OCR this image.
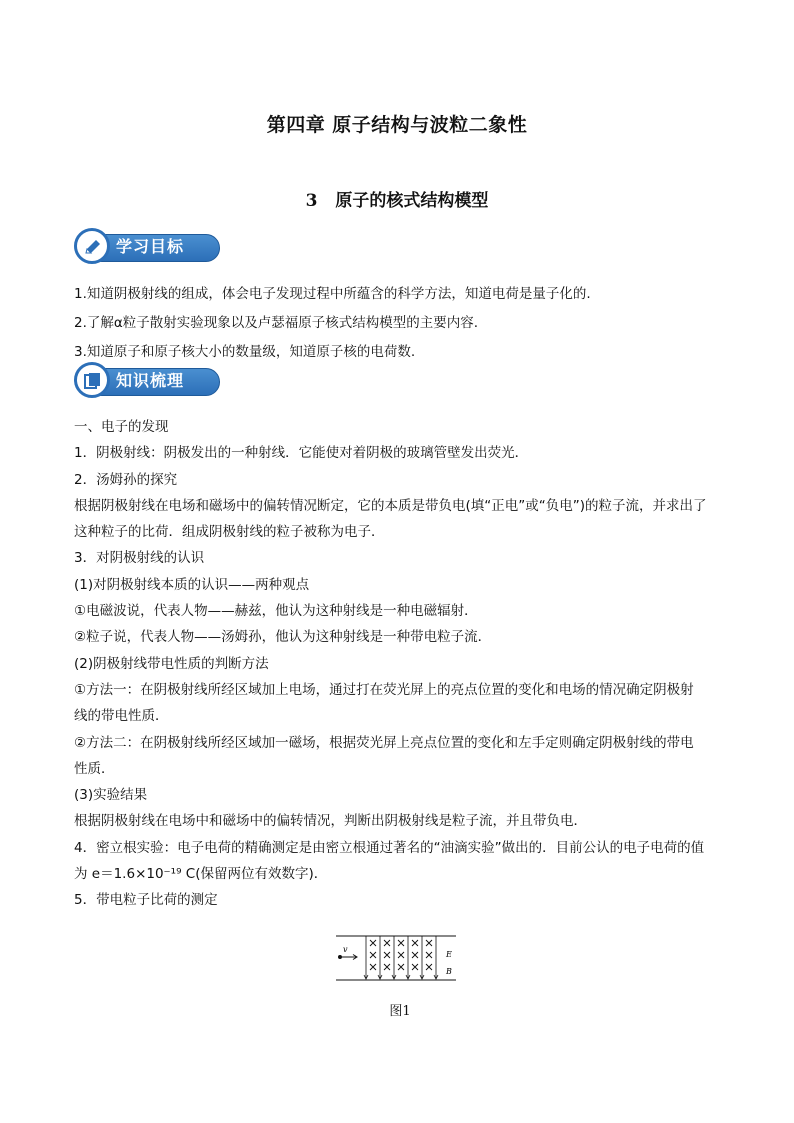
第四章 原子结构与波粒二象性
3 原子的核式结构模型
学习目标
1.知道阴极射线的组成，体会电子发现过程中所蕴含的科学方法，知道电荷是量子化的.
2.了解α粒子散射实验现象以及卢瑟福原子核式结构模型的主要内容.
3.知道原子和原子核大小的数量级，知道原子核的电荷数.
知识梳理
一、电子的发现
1．阴极射线：阴极发出的一种射线．它能使对着阴极的玻璃管壁发出荧光．
2．汤姆孙的探究
根据阴极射线在电场和磁场中的偏转情况断定，它的本质是带负电(填“正电”或“负电”)的粒子流，并求出了
这种粒子的比荷．组成阴极射线的粒子被称为电子．
3．对阴极射线的认识
(1)对阴极射线本质的认识——两种观点
①电磁波说，代表人物——赫兹，他认为这种射线是一种电磁辐射．
②粒子说，代表人物——汤姆孙，他认为这种射线是一种带电粒子流．
(2)阴极射线带电性质的判断方法
①方法一：在阴极射线所经区域加上电场，通过打在荧光屏上的亮点位置的变化和电场的情况确定阴极射
线的带电性质．
②方法二：在阴极射线所经区域加一磁场，根据荧光屏上亮点位置的变化和左手定则确定阴极射线的带电
性质．
(3)实验结果
根据阴极射线在电场中和磁场中的偏转情况，判断出阴极射线是粒子流，并且带负电．
4．密立根实验：电子电荷的精确测定是由密立根通过著名的“油滴实验”做出的．目前公认的电子电荷的值
为 e＝1.6×10⁻¹⁹ C(保留两位有效数字)．
5．带电粒子比荷的测定
v
E
B
图1
